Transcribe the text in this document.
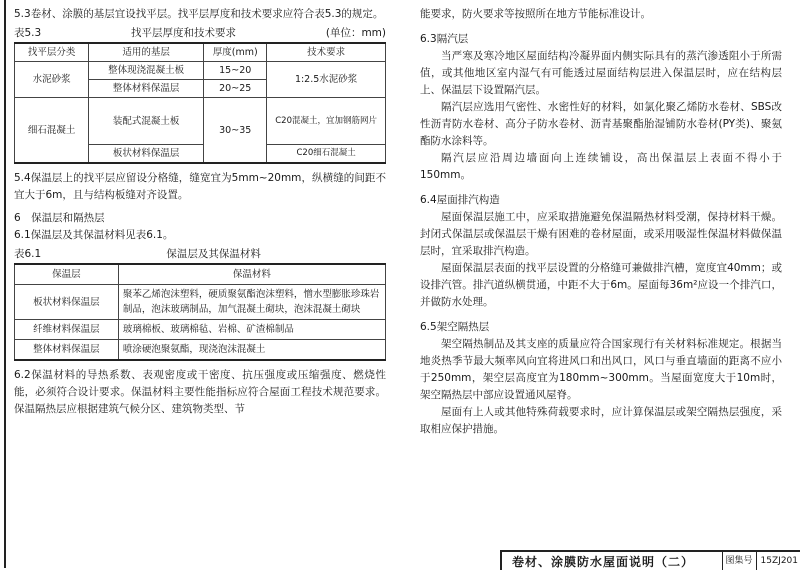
5.3卷材、涂膜的基层宜设找平层。找平层厚度和技术要求应符合表5.3的规定。

表5.3	找平层厚度和技术要求	(单位：mm)
找平层分类	适用的基层	厚度(mm)	技术要求
水泥砂浆	整体现浇混凝土板	15~20	1:2.5水泥砂浆
	整体材料保温层	20~25	
细石混凝土	装配式混凝土板	30~35	C20混凝土，宜加钢筋网片
	板状材料保温层		C20细石混凝土

5.4保温层上的找平层应留设分格缝，缝宽宜为5mm~20mm，纵横缝的间距不宜大于6m，且与结构板缝对齐设置。

6　保温层和隔热层

6.1保温层及其保温材料见表6.1。

表6.1	保温层及其保温材料
保温层	保温材料
板状材料保温层	聚苯乙烯泡沫塑料，硬质聚氨酯泡沫塑料，憎水型膨胀珍珠岩制品，泡沫玻璃制品，加气混凝土砌块，泡沫混凝土砌块
纤维材料保温层	玻璃棉板、玻璃棉毡、岩棉、矿渣棉制品
整体材料保温层	喷涂硬泡聚氨酯，现浇泡沫混凝土

6.2保温材料的导热系数、表观密度或干密度、抗压强度或压缩强度、燃烧性能，必须符合设计要求。保温材料主要性能指标应符合屋面工程技术规范要求。保温隔热层应根据建筑气候分区、建筑物类型、节

能要求，防火要求等按照所在地方节能标准设计。

6.3隔汽层

当严寒及寒冷地区屋面结构冷凝界面内侧实际具有的蒸汽渗透阻小于所需值，或其他地区室内湿气有可能透过屋面结构层进入保温层时，应在结构层上、保温层下设置隔汽层。

隔汽层应选用气密性、水密性好的材料，如氯化聚乙烯防水卷材、SBS改性沥青防水卷材、高分子防水卷材、沥青基聚酯胎湿铺防水卷材(PY类)、聚氨酯防水涂料等。

隔汽层应沿周边墙面向上连续铺设，高出保温层上表面不得小于150mm。

6.4屋面排汽构造

屋面保温层施工中，应采取措施避免保温隔热材料受潮，保持材料干燥。封闭式保温层或保温层干燥有困难的卷材屋面，或采用吸湿性保温材料做保温层时，宜采取排汽构造。

屋面保温层表面的找平层设置的分格缝可兼做排汽槽，宽度宜40mm；或设排汽管。排汽道纵横贯通，中距不大于6m。屋面每36m²应设一个排汽口，并做防水处理。

6.5架空隔热层

架空隔热制品及其支座的质量应符合国家现行有关材料标准规定。根据当地炎热季节最大频率风向宜将进风口和出风口，风口与垂直墙面的距离不应小于250mm，架空层高度宜为180mm~300mm。当屋面宽度大于10m时，架空隔热层中部应设置通风屋脊。

屋面有上人或其他特殊荷载要求时，应计算保温层或架空隔热层强度，采取相应保护措施。

卷材、涂膜防水屋面说明（二）	图集号 15ZJ201
